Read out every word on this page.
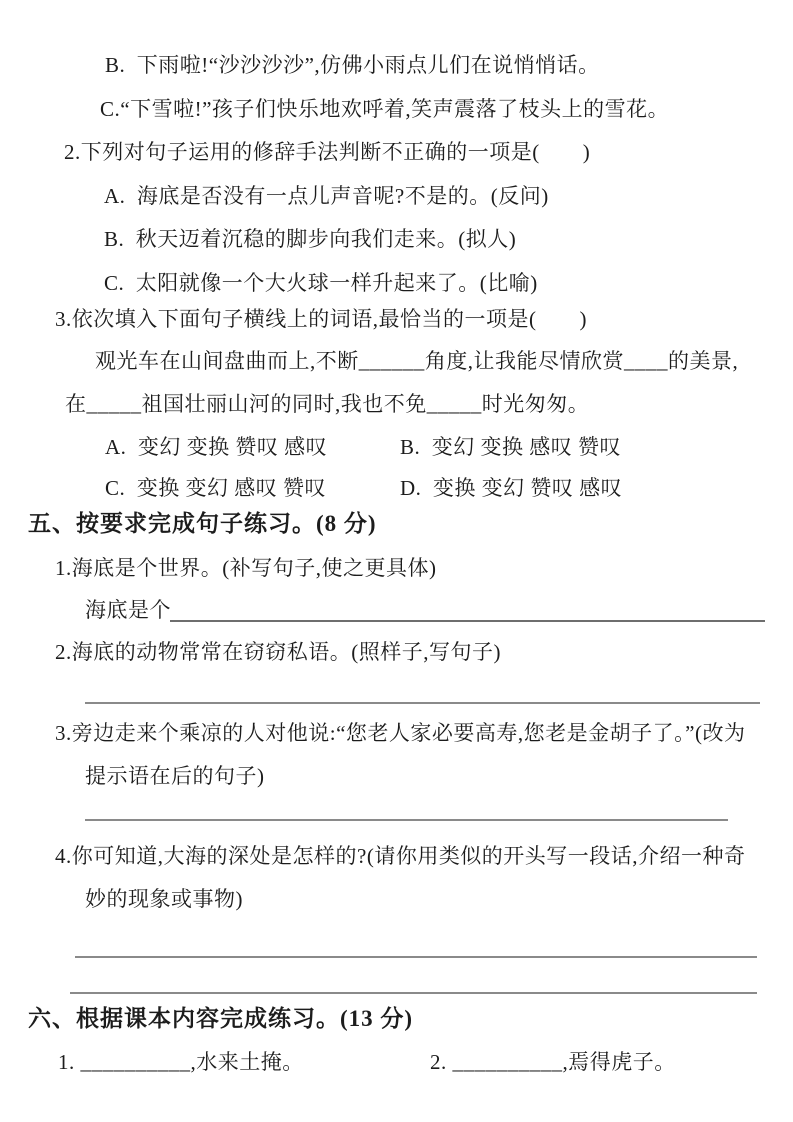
B.  下雨啦!“沙沙沙沙”,仿佛小雨点儿们在说悄悄话。
C.“下雪啦!”孩子们快乐地欢呼着,笑声震落了枝头上的雪花。
2.下列对句子运用的修辞手法判断不正确的一项是(　　)
A.  海底是否没有一点儿声音呢?不是的。(反问)
B.  秋天迈着沉稳的脚步向我们走来。(拟人)
C.  太阳就像一个大火球一样升起来了。(比喻)
3.依次填入下面句子横线上的词语,最恰当的一项是(　　)
观光车在山间盘曲而上,不断______角度,让我能尽情欣赏____的美景,
在_____祖国壮丽山河的同时,我也不免_____时光匆匆。
A.  变幻 变换 赞叹 感叹	B.  变幻 变换 感叹 赞叹
C.  变换 变幻 感叹 赞叹	D.  变换 变幻 赞叹 感叹
五、按要求完成句子练习。(8 分)
1.海底是个世界。(补写句子,使之更具体)
海底是个
2.海底的动物常常在窃窃私语。(照样子,写句子)
3.旁边走来个乘凉的人对他说:“您老人家必要高寿,您老是金胡子了。”(改为
提示语在后的句子)
4.你可知道,大海的深处是怎样的?(请你用类似的开头写一段话,介绍一种奇
妙的现象或事物)
六、根据课本内容完成练习。(13 分)
1. __________,水来土掩。	2. __________,焉得虎子。
